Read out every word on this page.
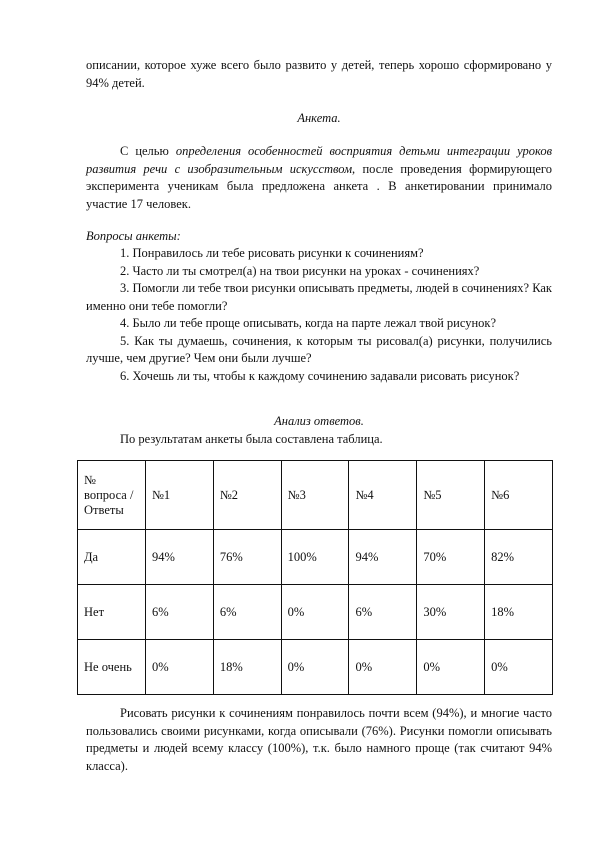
описании, которое хуже всего было развито у детей, теперь хорошо сформировано у 94% детей.

Анкета.
С целью определения особенностей восприятия детьми интеграции уроков развития речи с изобразительным искусством, после проведения формирующего эксперимента ученикам была предложена анкета . В анкетировании принимало участие 17 человек.
Вопросы анкеты:

1. Понравилось ли тебе рисовать рисунки к сочинениям?

2. Часто ли ты смотрел(а) на твои рисунки на уроках - сочинениях?

3. Помогли ли тебе твои рисунки описывать предметы, людей в сочинениях? Как именно они тебе помогли?

4. Было ли тебе проще описывать, когда на парте лежал твой рисунок?

5. Как ты думаешь, сочинения, к которым ты рисовал(а) рисунки, получились лучше, чем другие? Чем они были лучше?

6. Хочешь ли ты, чтобы к каждому сочинению задавали рисовать рисунок?

Анализ ответов.
По результатам анкеты была составлена таблица.
№ вопроса / Ответы	№1	№2	№3	№4	№5	№6
Да	94%	76%	100%	94%	70%	82%
Нет	6%	6%	0%	6%	30%	18%
Не очень	0%	18%	0%	0%	0%	0%
Рисовать рисунки к сочинениям понравилось почти всем (94%), и многие часто пользовались своими рисунками, когда описывали (76%). Рисунки помогли описывать предметы и людей всему классу (100%), т.к. было намного проще (так считают 94% класса).
